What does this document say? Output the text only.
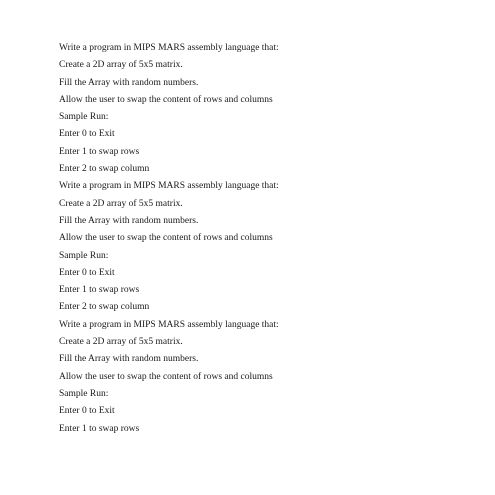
Write a program in MIPS MARS assembly language that:
Create a 2D array of 5x5 matrix.
Fill the Array with random numbers.
Allow the user to swap the content of rows and columns
Sample Run:
Enter 0 to Exit
Enter 1 to swap rows
Enter 2 to swap column
Write a program in MIPS MARS assembly language that:
Create a 2D array of 5x5 matrix.
Fill the Array with random numbers.
Allow the user to swap the content of rows and columns
Sample Run:
Enter 0 to Exit
Enter 1 to swap rows
Enter 2 to swap column
Write a program in MIPS MARS assembly language that:
Create a 2D array of 5x5 matrix.
Fill the Array with random numbers.
Allow the user to swap the content of rows and columns
Sample Run:
Enter 0 to Exit
Enter 1 to swap rows
